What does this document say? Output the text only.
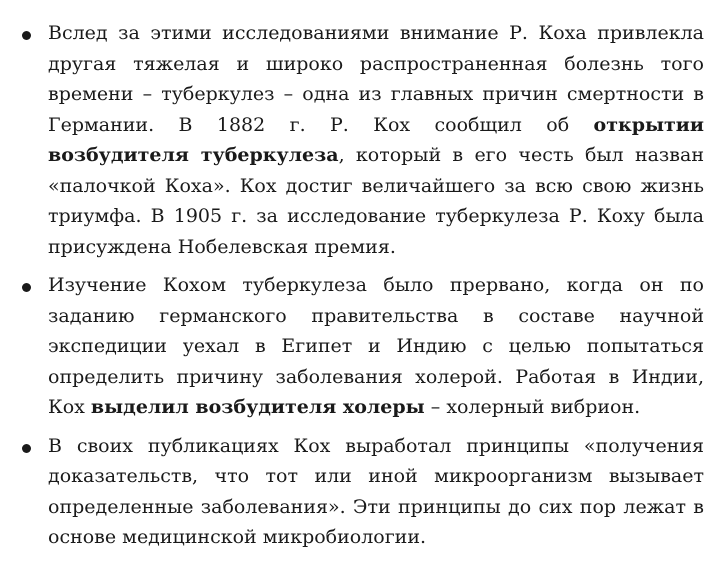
Вслед за этими исследованиями внимание Р. Коха привлекла другая тяжелая и широко распространенная болезнь того времени – туберкулез – одна из главных причин смертности в Германии. В 1882 г. Р. Кох сообщил об открытии возбудителя туберкулеза, который в его честь был назван «палочкой Коха». Кох достиг величайшего за всю свою жизнь триумфа. В 1905 г. за исследование туберкулеза Р. Коху была присуждена Нобелевская премия.

Изучение Кохом туберкулеза было прервано, когда он по заданию германского правительства в составе научной экспедиции уехал в Египет и Индию с целью попытаться определить причину заболевания холерой. Работая в Индии, Кох выделил возбудителя холеры – холерный вибрион.

В своих публикациях Кох выработал принципы «получения доказательств, что тот или иной микроорганизм вызывает определенные заболевания». Эти принципы до сих пор лежат в основе медицинской микробиологии.
